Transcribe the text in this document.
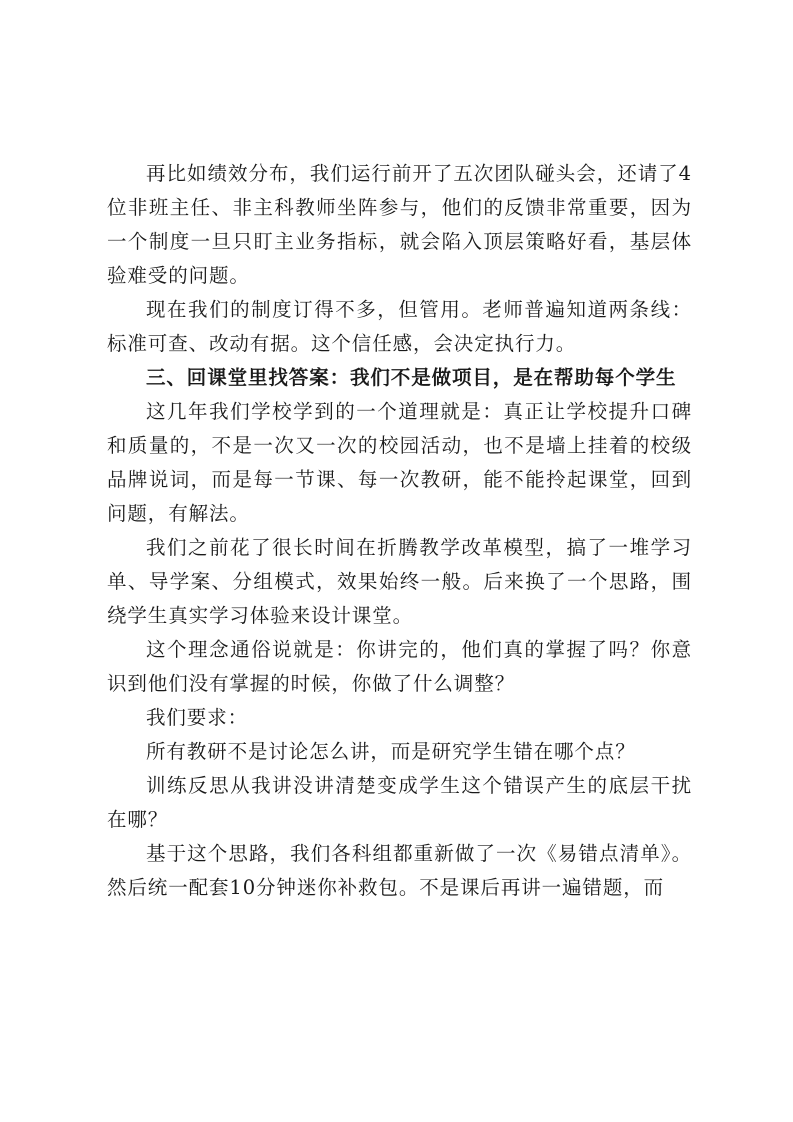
再比如绩效分布，我们运行前开了五次团队碰头会，还请了4位非班主任、非主科教师坐阵参与，他们的反馈非常重要，因为一个制度一旦只盯主业务指标，就会陷入顶层策略好看，基层体验难受的问题。

现在我们的制度订得不多，但管用。老师普遍知道两条线：标准可查、改动有据。这个信任感，会决定执行力。

三、回课堂里找答案：我们不是做项目，是在帮助每个学生

这几年我们学校学到的一个道理就是：真正让学校提升口碑和质量的，不是一次又一次的校园活动，也不是墙上挂着的校级品牌说词，而是每一节课、每一次教研，能不能拎起课堂，回到问题，有解法。

我们之前花了很长时间在折腾教学改革模型，搞了一堆学习单、导学案、分组模式，效果始终一般。后来换了一个思路，围绕学生真实学习体验来设计课堂。

这个理念通俗说就是：你讲完的，他们真的掌握了吗？你意识到他们没有掌握的时候，你做了什么调整？

我们要求：

所有教研不是讨论怎么讲，而是研究学生错在哪个点？

训练反思从我讲没讲清楚变成学生这个错误产生的底层干扰在哪？

基于这个思路，我们各科组都重新做了一次《易错点清单》。然后统一配套10分钟迷你补救包。不是课后再讲一遍错题，而
